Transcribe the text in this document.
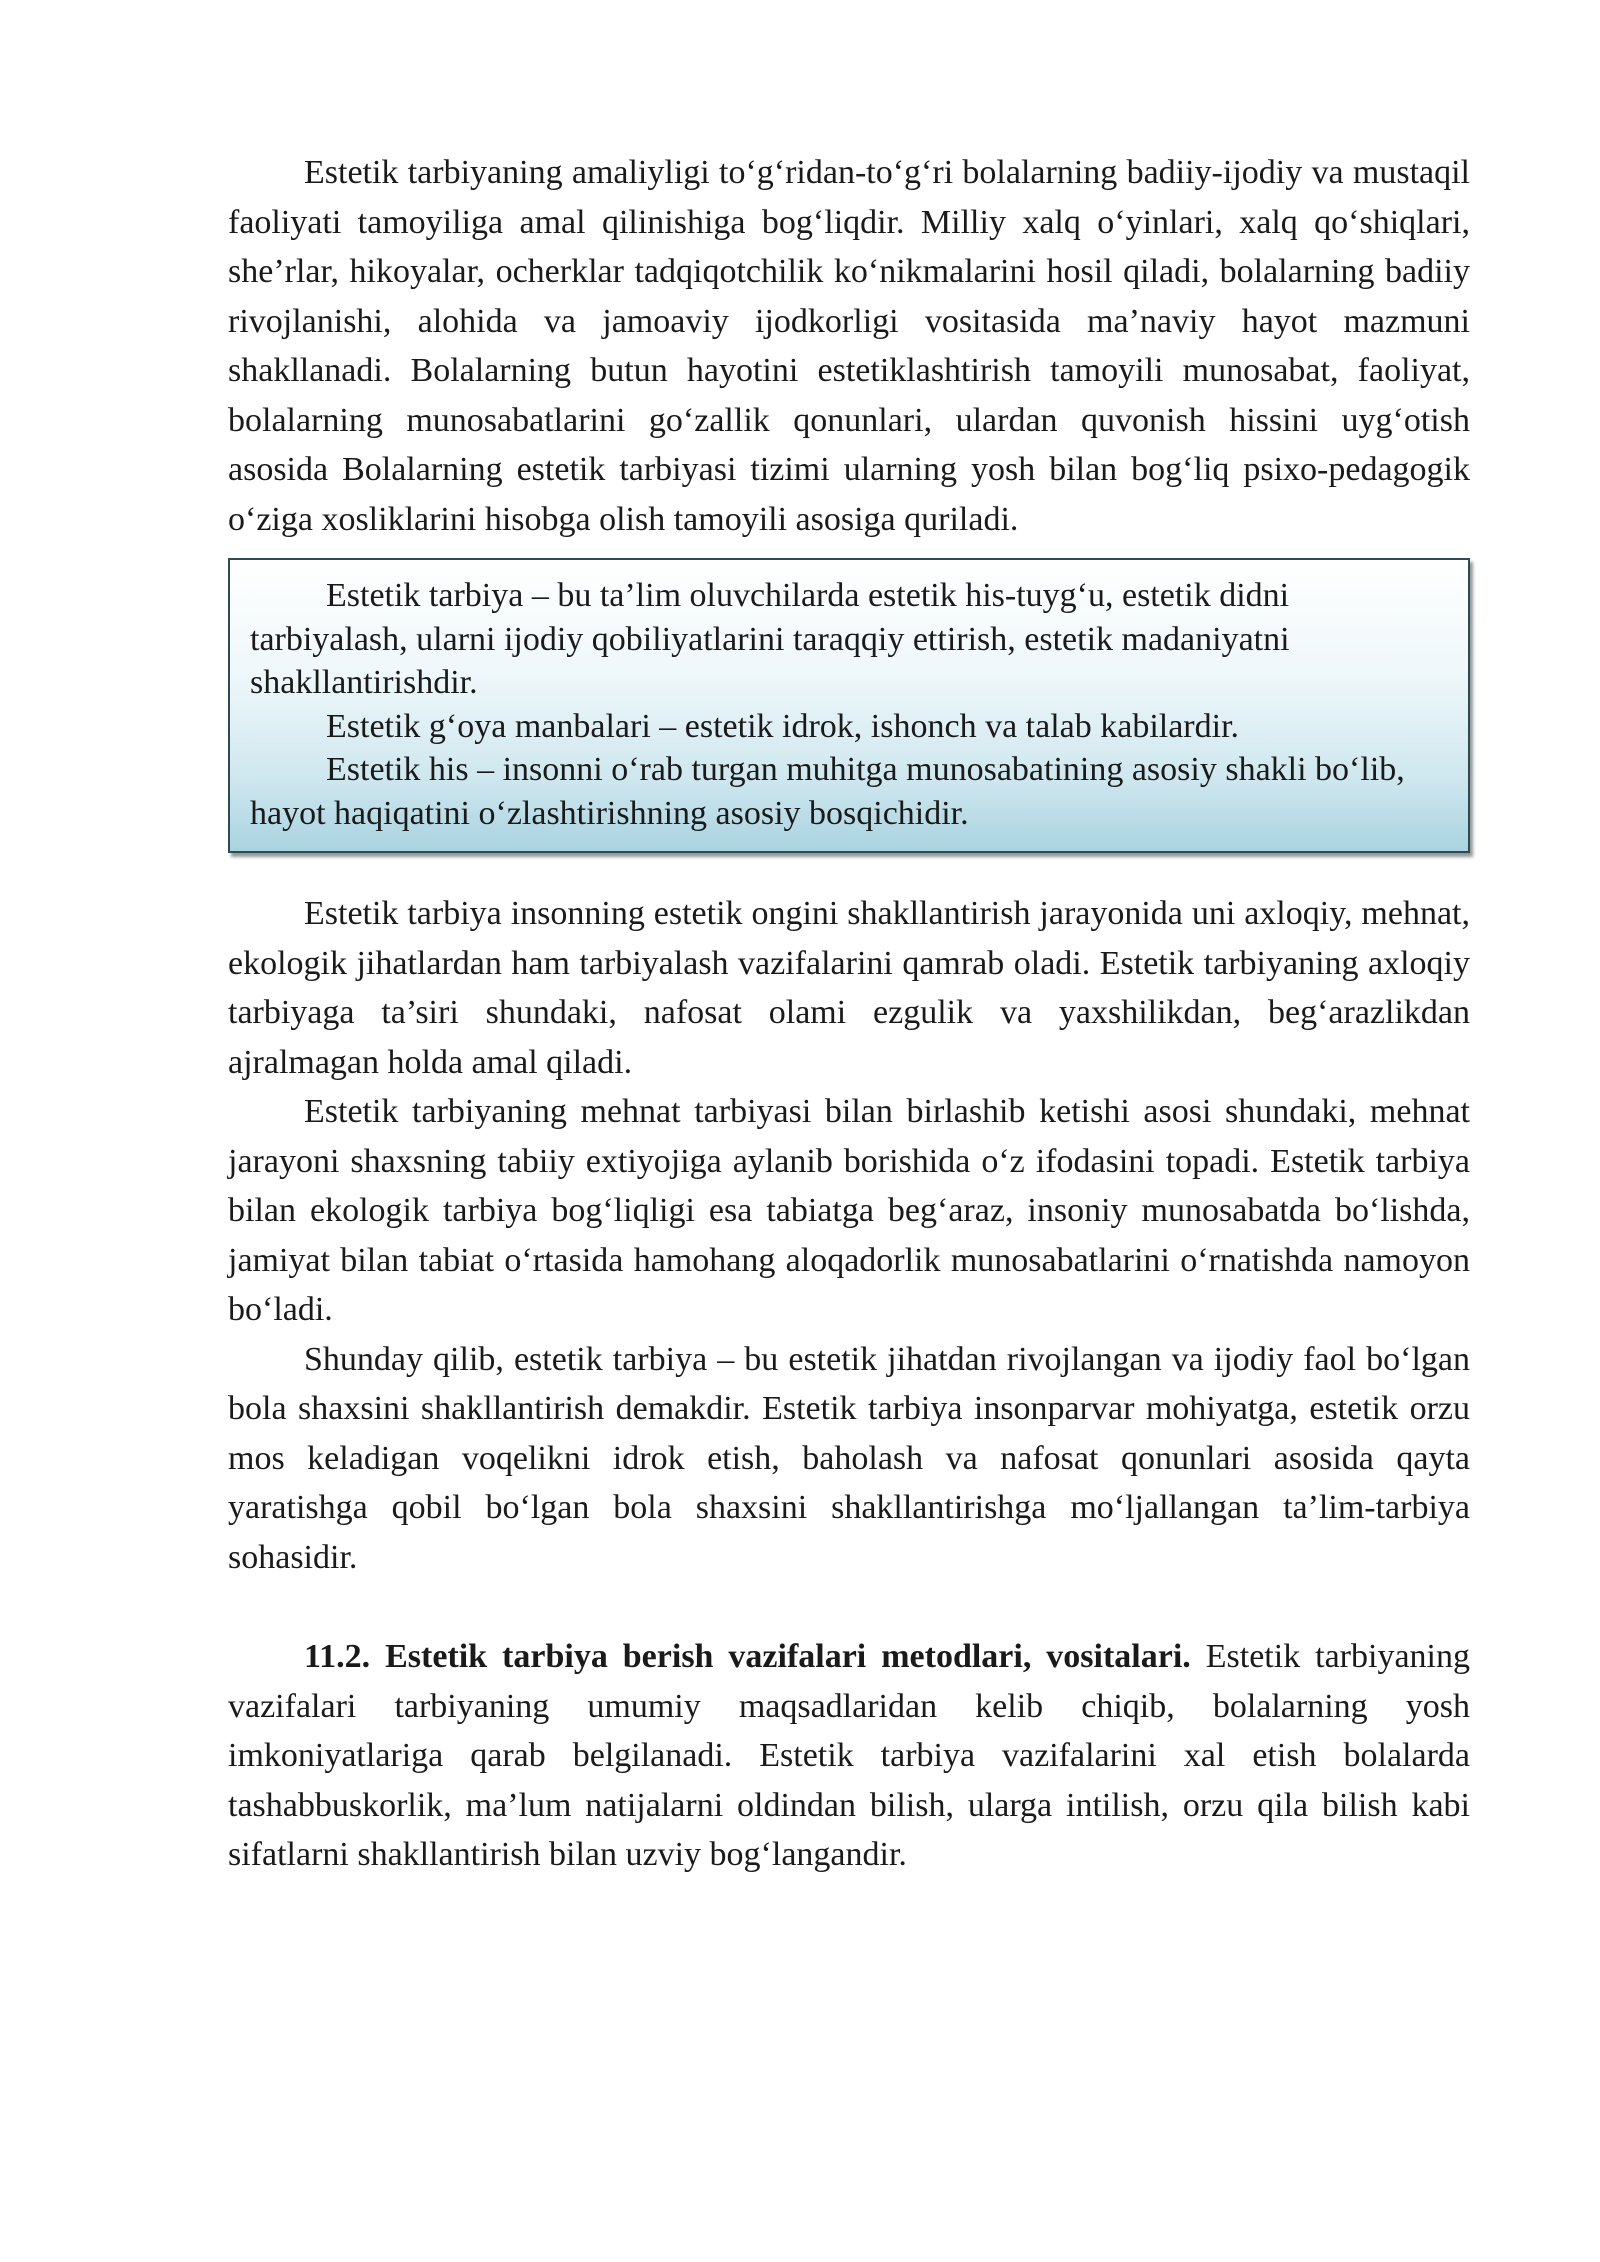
Estetik tarbiyaning amaliyligi to‘g‘ridan-to‘g‘ri bolalarning badiiy-ijodiy va mustaqil faoliyati tamoyiliga amal qilinishiga bog‘liqdir. Milliy xalq o‘yinlari, xalq qo‘shiqlari, she’rlar, hikoyalar, ocherklar tadqiqotchilik ko‘nikmalarini hosil qiladi, bolalarning badiiy rivojlanishi, alohida va jamoaviy ijodkorligi vositasida ma’naviy hayot mazmuni shakllanadi. Bolalarning butun hayotini estetiklashtirish tamoyili munosabat, faoliyat, bolalarning munosabatlarini go‘zallik qonunlari, ulardan quvonish hissini uyg‘otish asosida Bolalarning estetik tarbiyasi tizimi ularning yosh bilan bog‘liq psixo-pedagogik o‘ziga xosliklarini hisobga olish tamoyili asosiga quriladi.

Estetik tarbiya – bu ta’lim oluvchilarda estetik his-tuyg‘u, estetik didni tarbiyalash, ularni ijodiy qobiliyatlarini taraqqiy ettirish, estetik madaniyatni shakllantirishdir.

Estetik g‘oya manbalari – estetik idrok, ishonch va talab kabilardir.

Estetik his – insonni o‘rab turgan muhitga munosabatining asosiy shakli bo‘lib, hayot haqiqatini o‘zlashtirishning asosiy bosqichidir.

Estetik tarbiya insonning estetik ongini shakllantirish jarayonida uni axloqiy, mehnat, ekologik jihatlardan ham tarbiyalash vazifalarini qamrab oladi. Estetik tarbiyaning axloqiy tarbiyaga ta’siri shundaki, nafosat olami ezgulik va yaxshilikdan, beg‘arazlikdan ajralmagan holda amal qiladi.

Estetik tarbiyaning mehnat tarbiyasi bilan birlashib ketishi asosi shundaki, mehnat jarayoni shaxsning tabiiy extiyojiga aylanib borishida o‘z ifodasini topadi. Estetik tarbiya bilan ekologik tarbiya bog‘liqligi esa tabiatga beg‘araz, insoniy munosabatda bo‘lishda, jamiyat bilan tabiat o‘rtasida hamohang aloqadorlik munosabatlarini o‘rnatishda namoyon bo‘ladi.

Shunday qilib, estetik tarbiya – bu estetik jihatdan rivojlangan va ijodiy faol bo‘lgan bola shaxsini shakllantirish demakdir. Estetik tarbiya insonparvar mohiyatga, estetik orzu mos keladigan voqelikni idrok etish, baholash va nafosat qonunlari asosida qayta yaratishga qobil bo‘lgan bola shaxsini shakllantirishga mo‘ljallangan ta’lim-tarbiya sohasidir.

11.2. Estetik tarbiya berish vazifalari metodlari, vositalari. Estetik tarbiyaning vazifalari tarbiyaning umumiy maqsadlaridan kelib chiqib, bolalarning yosh imkoniyatlariga qarab belgilanadi. Estetik tarbiya vazifalarini xal etish bolalarda tashabbuskorlik, ma’lum natijalarni oldindan bilish, ularga intilish, orzu qila bilish kabi sifatlarni shakllantirish bilan uzviy bog‘langandir.
